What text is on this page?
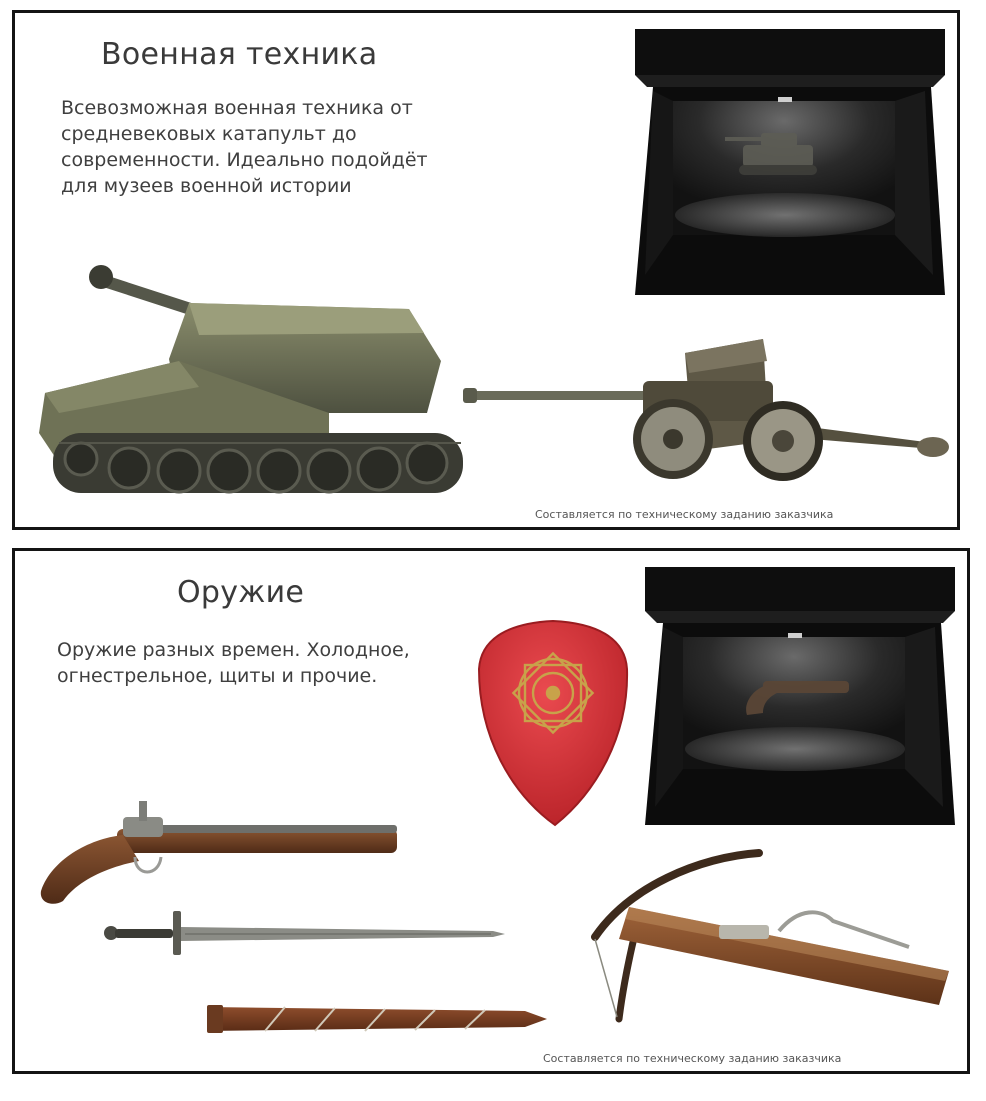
Военная техника

Всевозможная военная техника от средневековых катапульт до современности. Идеально подойдёт для музеев военной истории

Составляется по техническому заданию заказчика
Оружие

Оружие разных времен. Холодное, огнестрельное, щиты и прочие.

Составляется по техническому заданию заказчика
